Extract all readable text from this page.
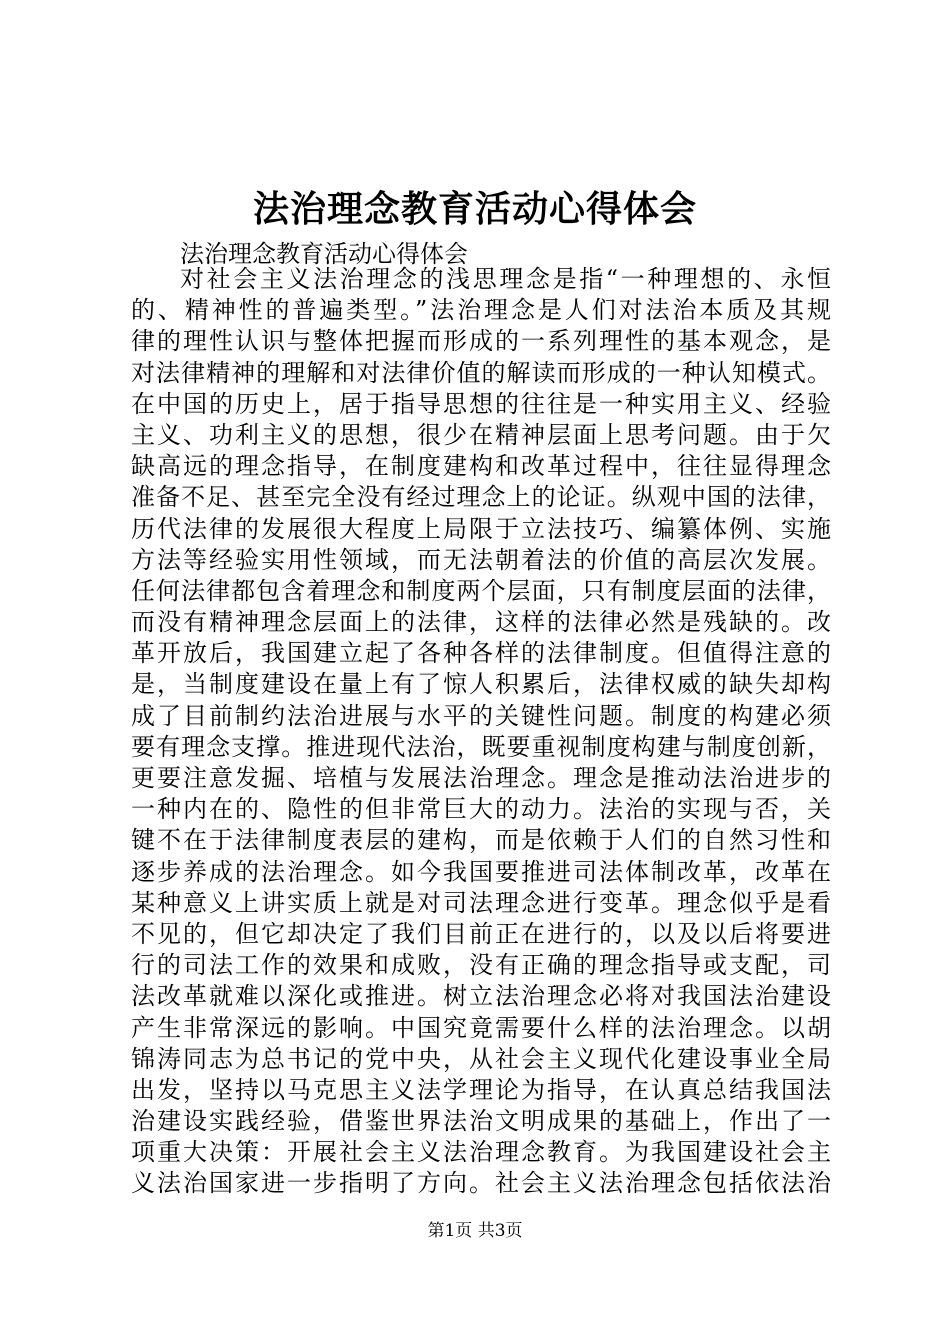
法治理念教育活动心得体会
法治理念教育活动心得体会
对社会主义法治理念的浅思理念是指“一种理想的、永恒
的、精神性的普遍类型。”法治理念是人们对法治本质及其规
律的理性认识与整体把握而形成的一系列理性的基本观念，是
对法律精神的理解和对法律价值的解读而形成的一种认知模式。
在中国的历史上，居于指导思想的往往是一种实用主义、经验
主义、功利主义的思想，很少在精神层面上思考问题。由于欠
缺高远的理念指导，在制度建构和改革过程中，往往显得理念
准备不足、甚至完全没有经过理念上的论证。纵观中国的法律，
历代法律的发展很大程度上局限于立法技巧、编纂体例、实施
方法等经验实用性领域，而无法朝着法的价值的高层次发展。
任何法律都包含着理念和制度两个层面，只有制度层面的法律，
而没有精神理念层面上的法律，这样的法律必然是残缺的。改
革开放后，我国建立起了各种各样的法律制度。但值得注意的
是，当制度建设在量上有了惊人积累后，法律权威的缺失却构
成了目前制约法治进展与水平的关键性问题。制度的构建必须
要有理念支撑。推进现代法治，既要重视制度构建与制度创新，
更要注意发掘、培植与发展法治理念。理念是推动法治进步的
一种内在的、隐性的但非常巨大的动力。法治的实现与否，关
键不在于法律制度表层的建构，而是依赖于人们的自然习性和
逐步养成的法治理念。如今我国要推进司法体制改革，改革在
某种意义上讲实质上就是对司法理念进行变革。理念似乎是看
不见的，但它却决定了我们目前正在进行的，以及以后将要进
行的司法工作的效果和成败，没有正确的理念指导或支配，司
法改革就难以深化或推进。树立法治理念必将对我国法治建设
产生非常深远的影响。中国究竟需要什么样的法治理念。以胡
锦涛同志为总书记的党中央，从社会主义现代化建设事业全局
出发，坚持以马克思主义法学理论为指导，在认真总结我国法
治建设实践经验，借鉴世界法治文明成果的基础上，作出了一
项重大决策：开展社会主义法治理念教育。为我国建设社会主
义法治国家进一步指明了方向。社会主义法治理念包括依法治
第1页 共3页
